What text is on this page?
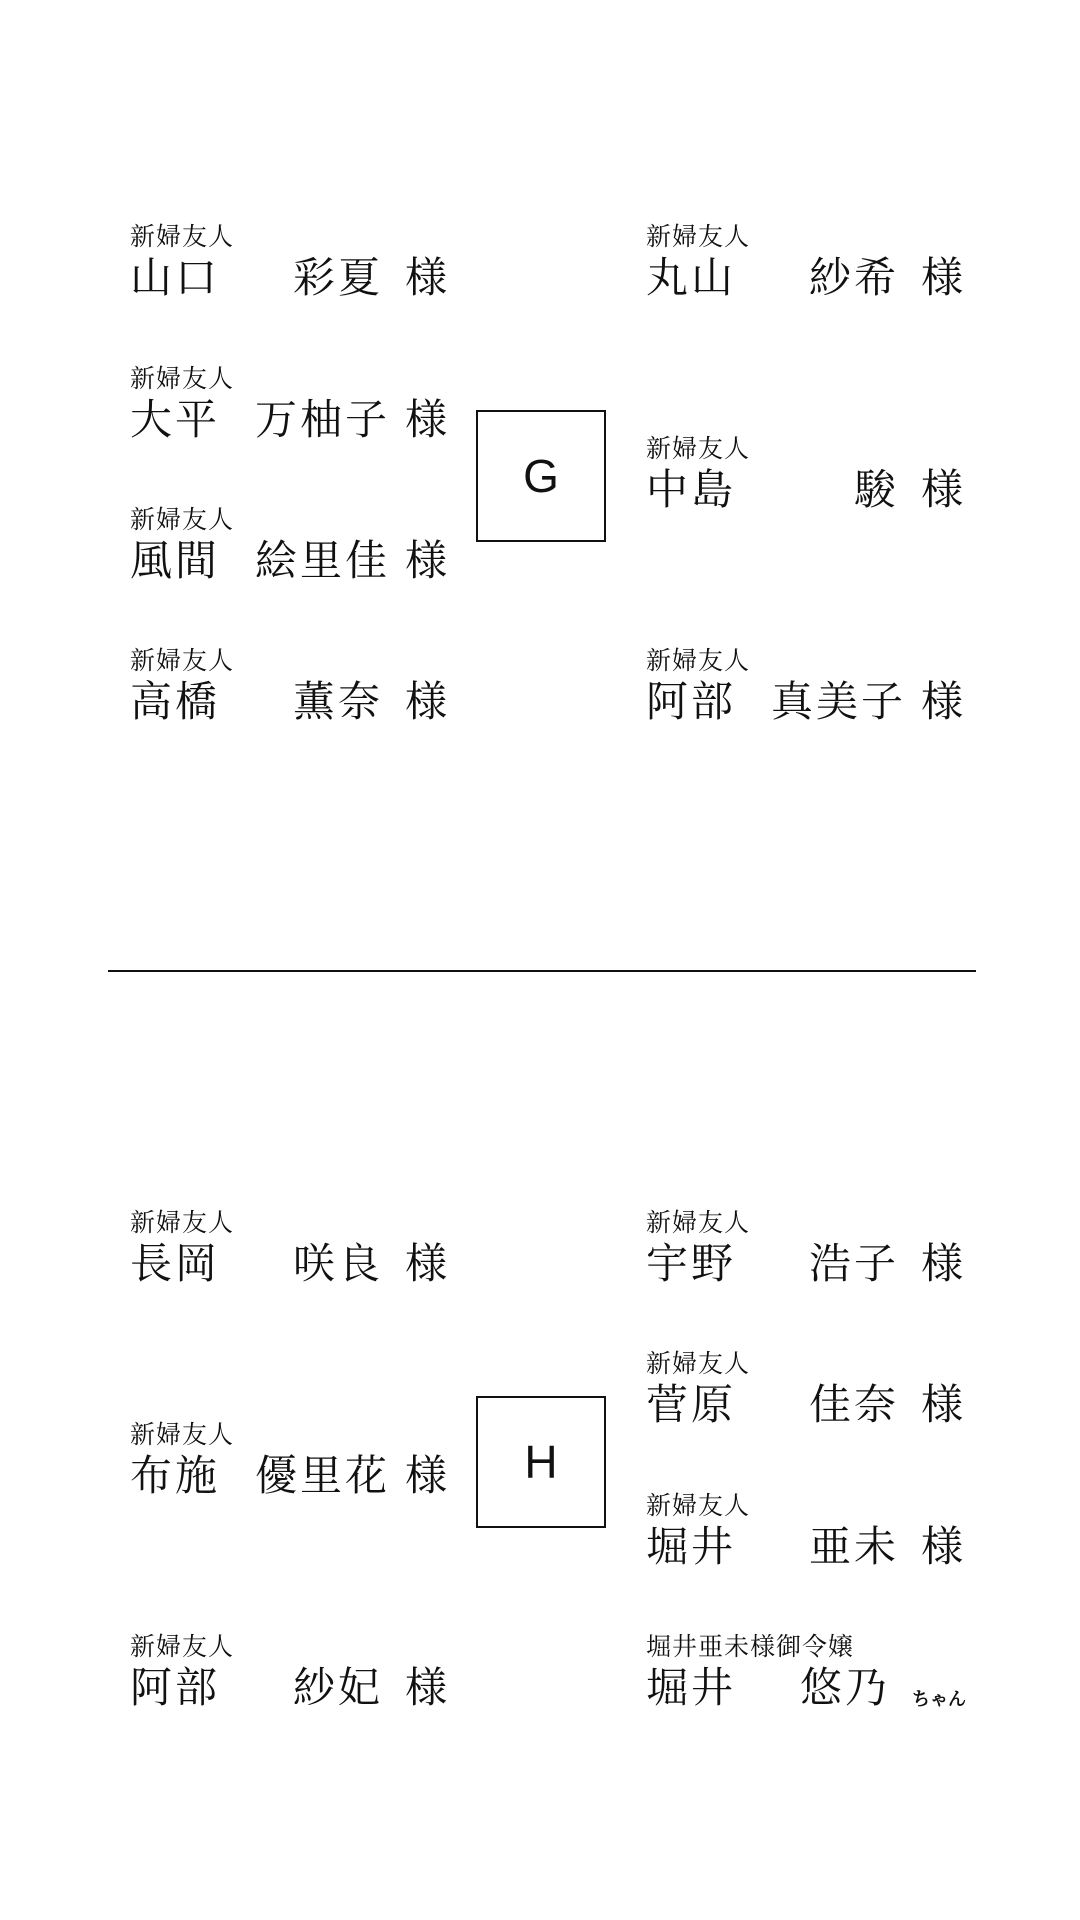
新婦友人
山口	彩夏 様
新婦友人
大平 万柚子 様
新婦友人
風間 絵里佳 様
新婦友人
高橋	薫奈 様
G
新婦友人
丸山	紗希 様
新婦友人
中島	駿 様
新婦友人
阿部 真美子 様
新婦友人
長岡	咲良 様
新婦友人
布施 優里花 様
新婦友人
阿部	紗妃 様
H
新婦友人
宇野	浩子 様
新婦友人
菅原	佳奈 様
新婦友人
堀井	亜未 様
堀井亜未様御令嬢
堀井	悠乃 ちゃん
